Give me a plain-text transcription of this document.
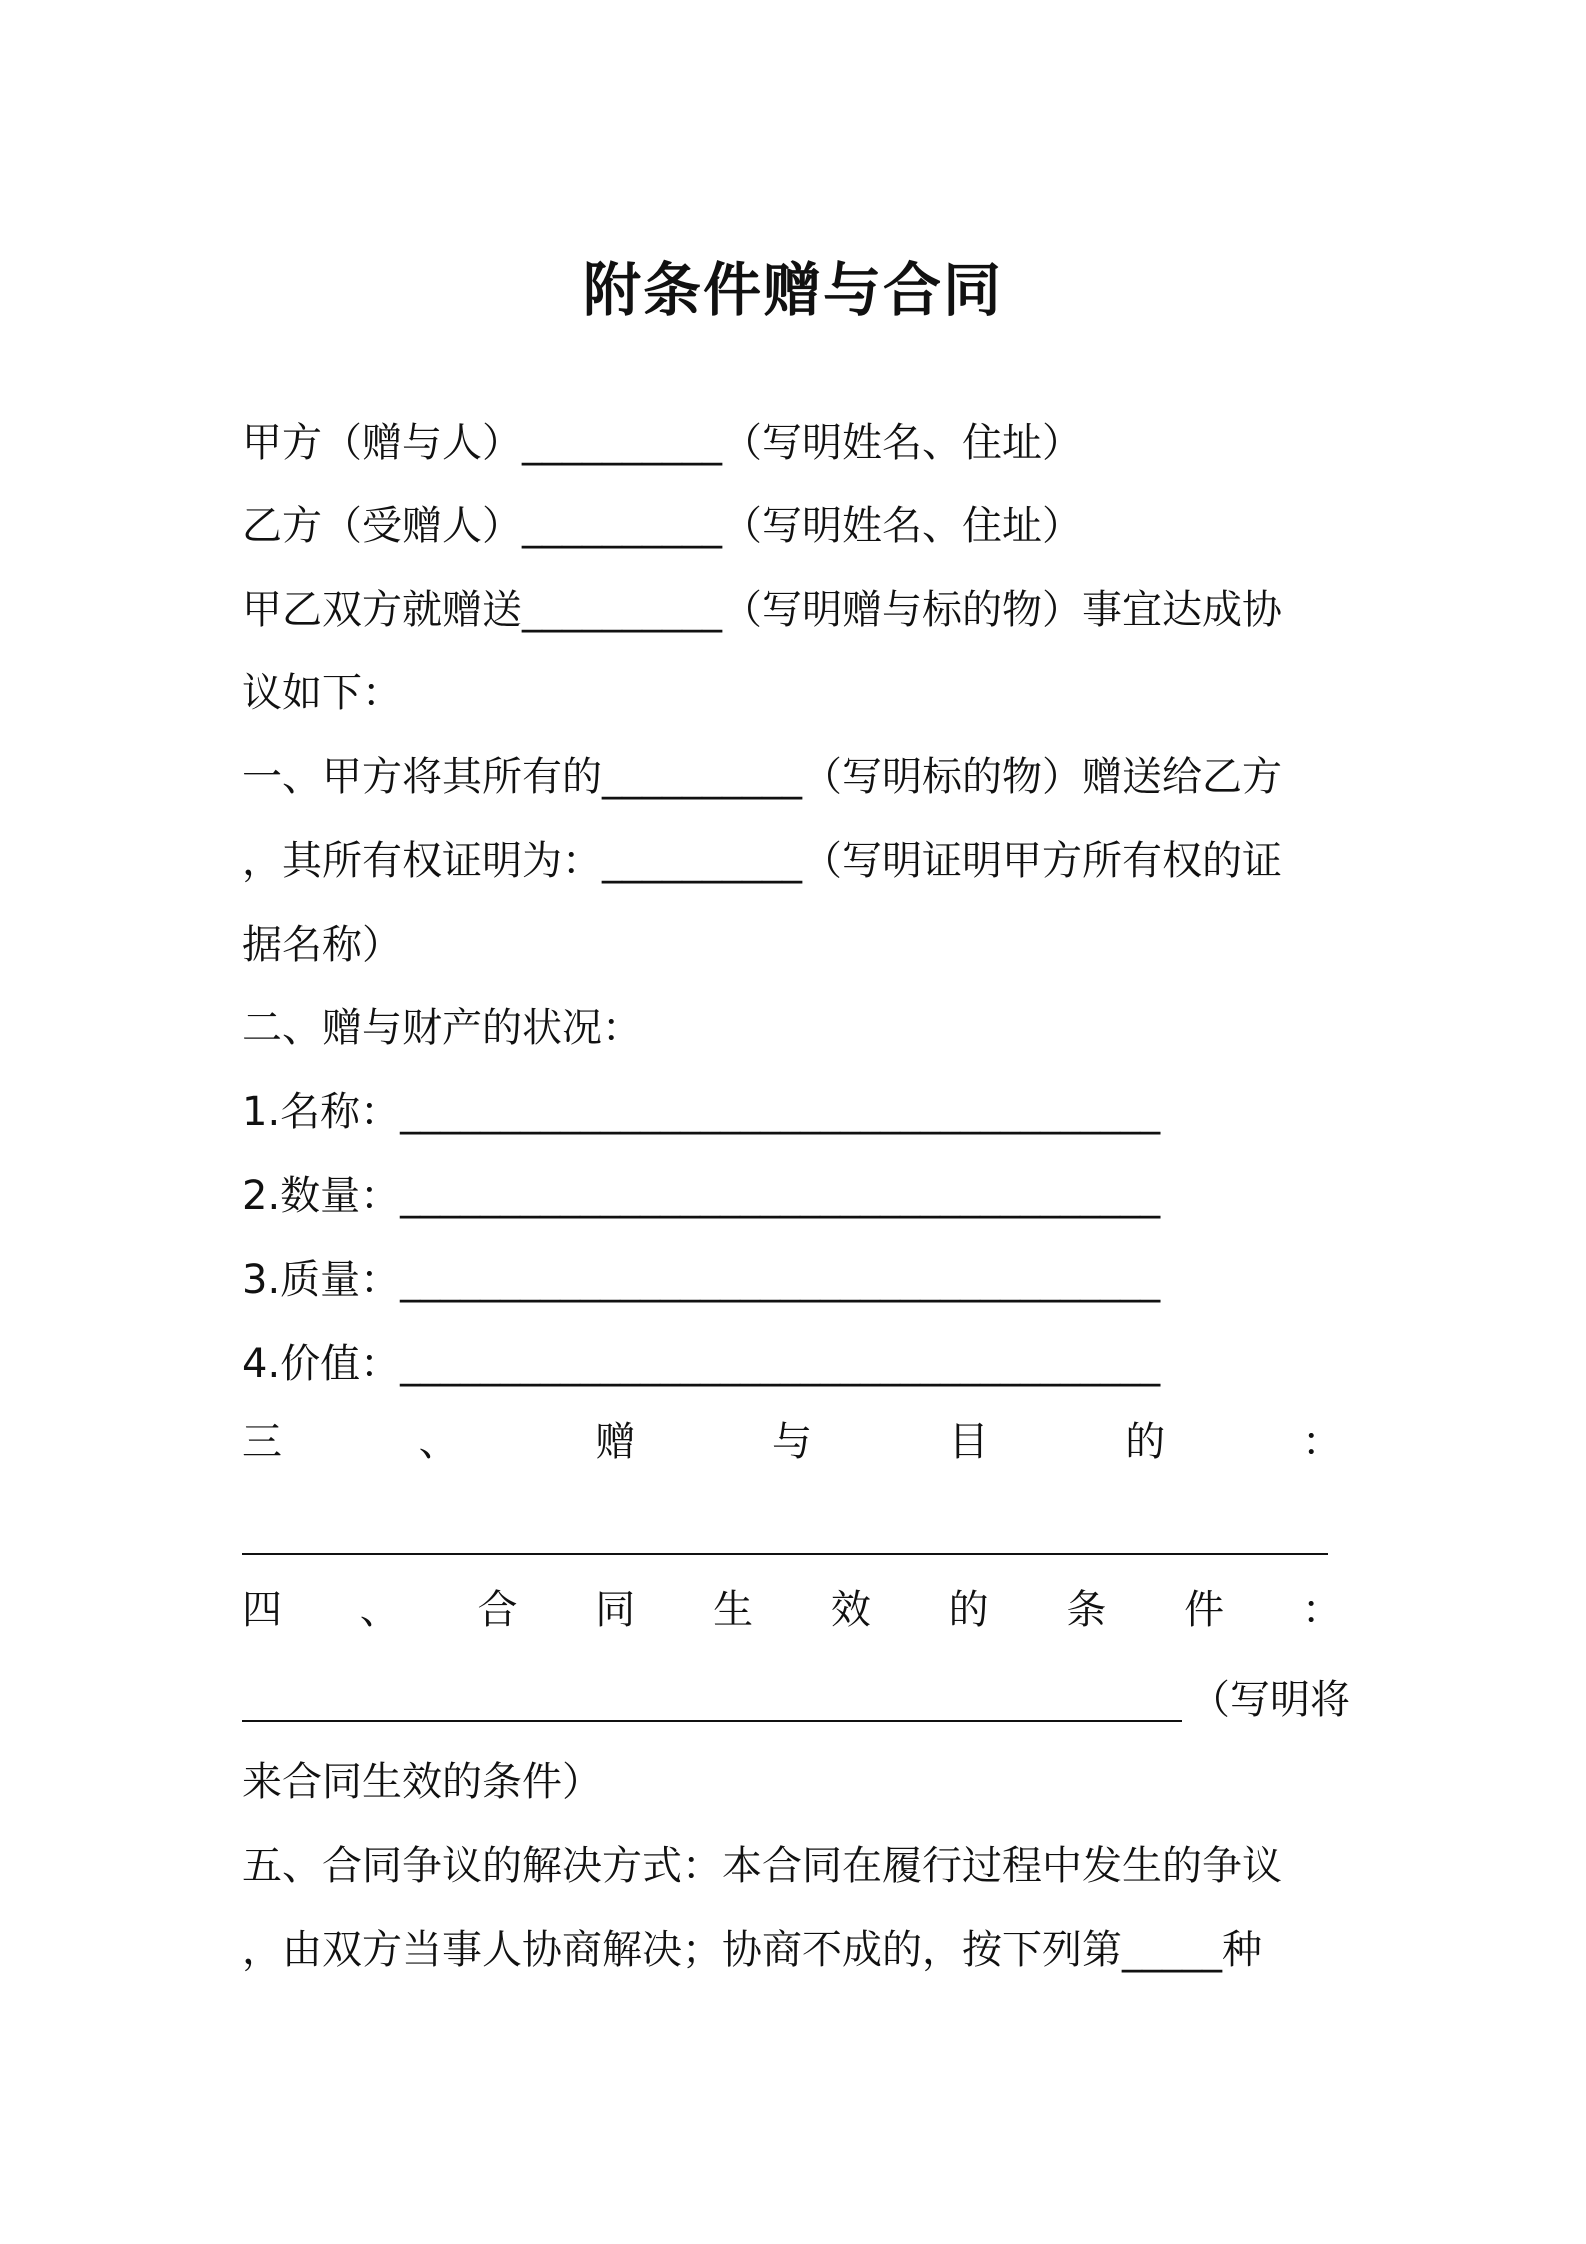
附条件赠与合同
甲方（赠与人）__________（写明姓名、住址）
乙方（受赠人）__________（写明姓名、住址）
甲乙双方就赠送__________（写明赠与标的物）事宜达成协
议如下：
一、甲方将其所有的__________（写明标的物）赠送给乙方
，其所有权证明为：__________（写明证明甲方所有权的证
据名称）
二、赠与财产的状况：
1.名称：______________________________________
2.数量：______________________________________
3.质量：______________________________________
4.价值：______________________________________
三	、	赠	与	目	的	：
四 、 合 同 生 效 的 条 件 ：
（写明将
来合同生效的条件）
五、合同争议的解决方式：本合同在履行过程中发生的争议
，由双方当事人协商解决；协商不成的，按下列第_____种
